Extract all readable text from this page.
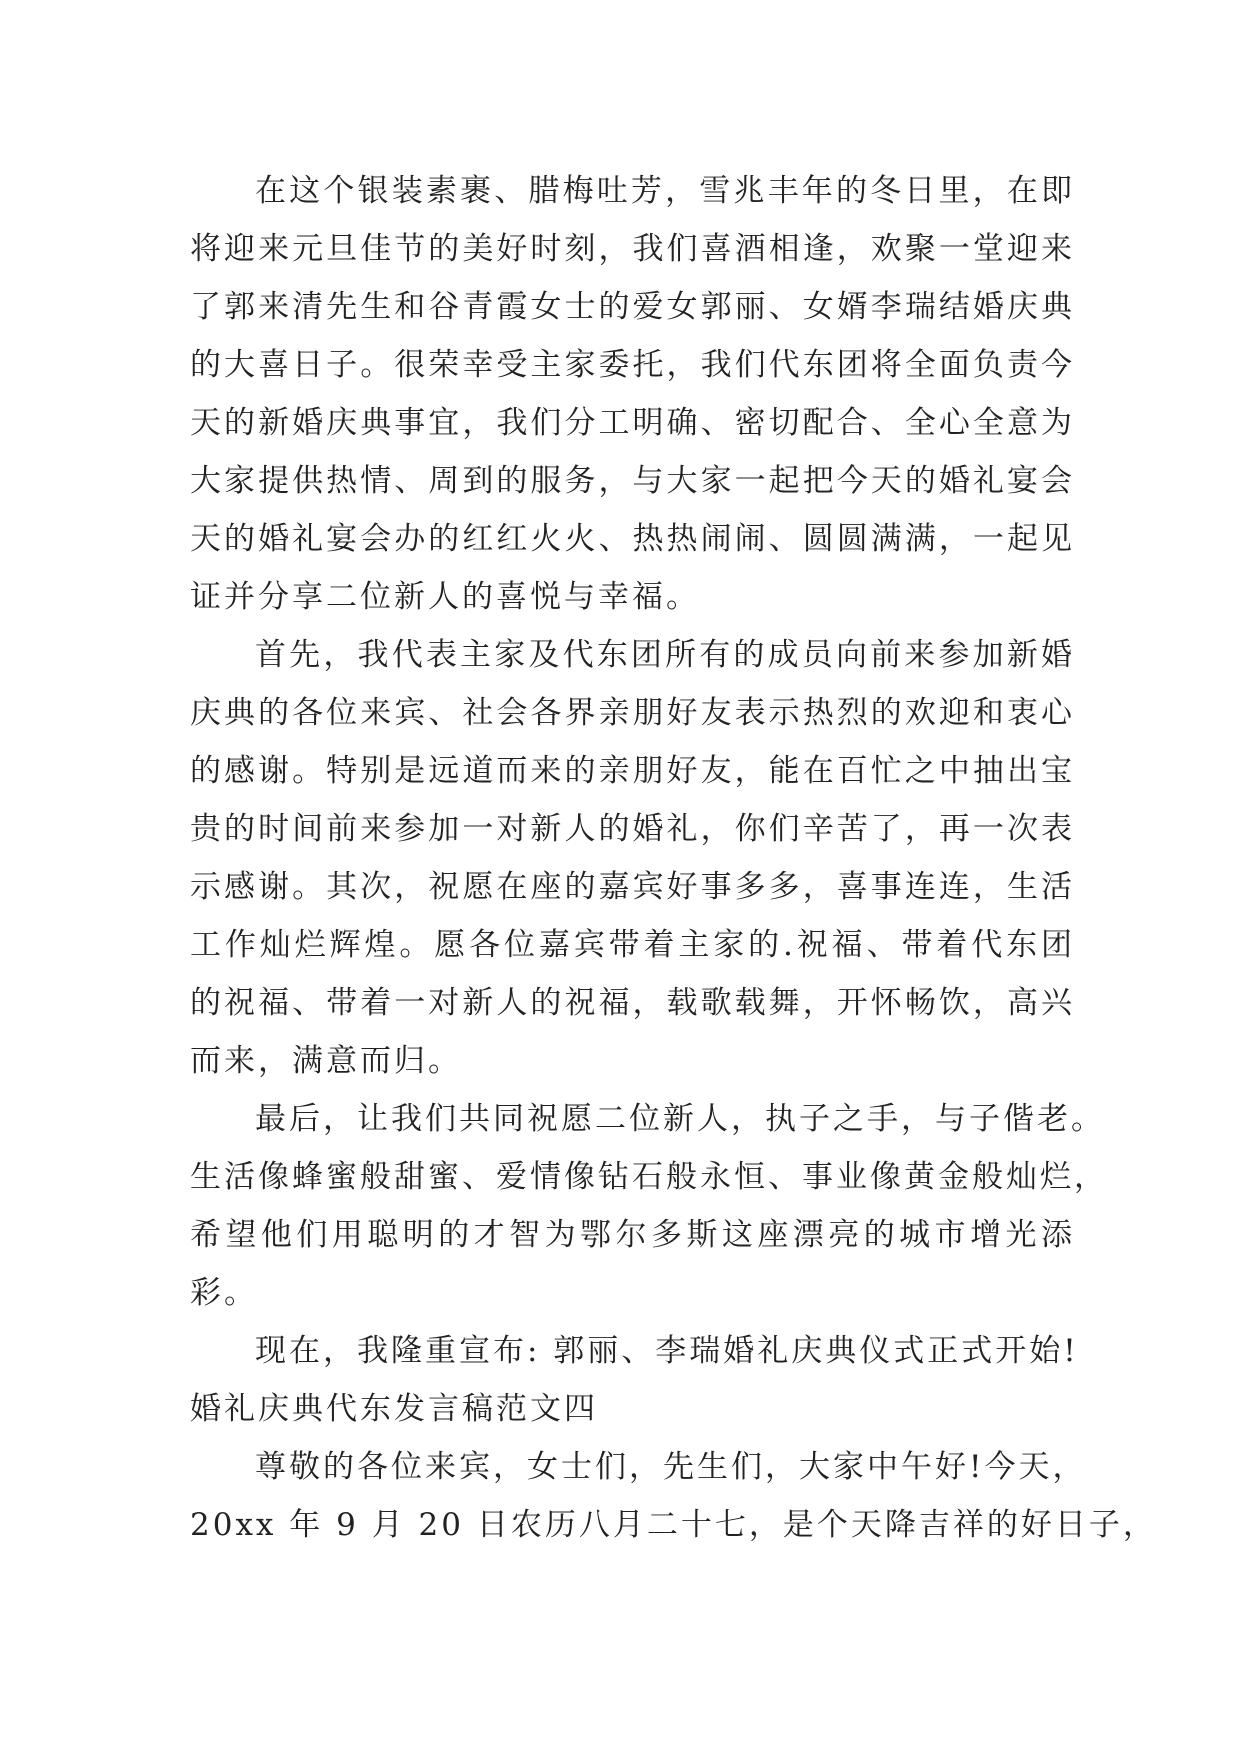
在这个银装素裹、腊梅吐芳，雪兆丰年的冬日里，在即
将迎来元旦佳节的美好时刻，我们喜酒相逢，欢聚一堂迎来
了郭来清先生和谷青霞女士的爱女郭丽、女婿李瑞结婚庆典
的大喜日子。很荣幸受主家委托，我们代东团将全面负责今
天的新婚庆典事宜，我们分工明确、密切配合、全心全意为
大家提供热情、周到的服务，与大家一起把今天的婚礼宴会
天的婚礼宴会办的红红火火、热热闹闹、圆圆满满，一起见
证并分享二位新人的喜悦与幸福。
首先，我代表主家及代东团所有的成员向前来参加新婚
庆典的各位来宾、社会各界亲朋好友表示热烈的欢迎和衷心
的感谢。特别是远道而来的亲朋好友，能在百忙之中抽出宝
贵的时间前来参加一对新人的婚礼，你们辛苦了，再一次表
示感谢。其次，祝愿在座的嘉宾好事多多，喜事连连，生活
工作灿烂辉煌。愿各位嘉宾带着主家的.祝福、带着代东团
的祝福、带着一对新人的祝福，载歌载舞，开怀畅饮，高兴
而来，满意而归。
最后，让我们共同祝愿二位新人，执子之手，与子偕老。
生活像蜂蜜般甜蜜、爱情像钻石般永恒、事业像黄金般灿烂，
希望他们用聪明的才智为鄂尔多斯这座漂亮的城市增光添
彩。
现在，我隆重宣布: 郭丽、李瑞婚礼庆典仪式正式开始!
婚礼庆典代东发言稿范文四
尊敬的各位来宾，女士们，先生们，大家中午好!今天，
20xx 年 9 月 20 日农历八月二十七，是个天降吉祥的好日子，
